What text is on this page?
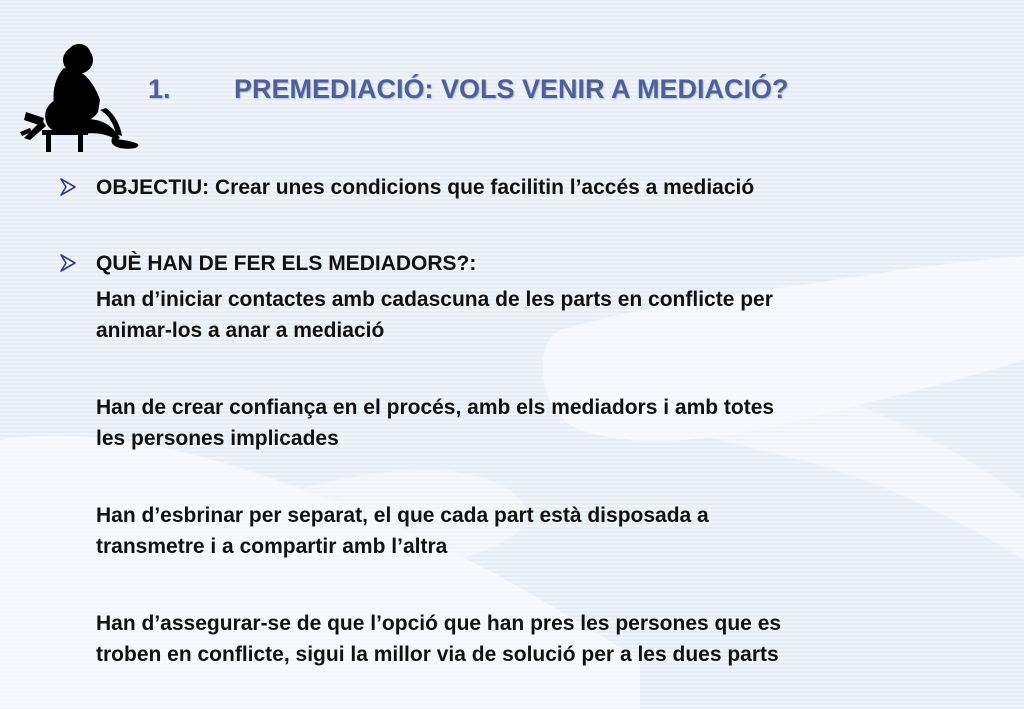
1. PREMEDIACIÓ: VOLS VENIR A MEDIACIÓ?
OBJECTIU: Crear unes condicions que facilitin l’accés a mediació
QUÈ HAN DE FER ELS MEDIADORS?:
Han d’iniciar contactes amb cadascuna de les parts en conflicte per
animar-los a anar a mediació
Han de crear confiança en el procés, amb els mediadors i amb totes
les persones implicades
Han d’esbrinar per separat, el que cada part està disposada a
transmetre i a compartir amb l’altra
Han d’assegurar-se de que l’opció que han pres les persones que es
troben en conflicte, sigui la millor via de solució per a les dues parts
